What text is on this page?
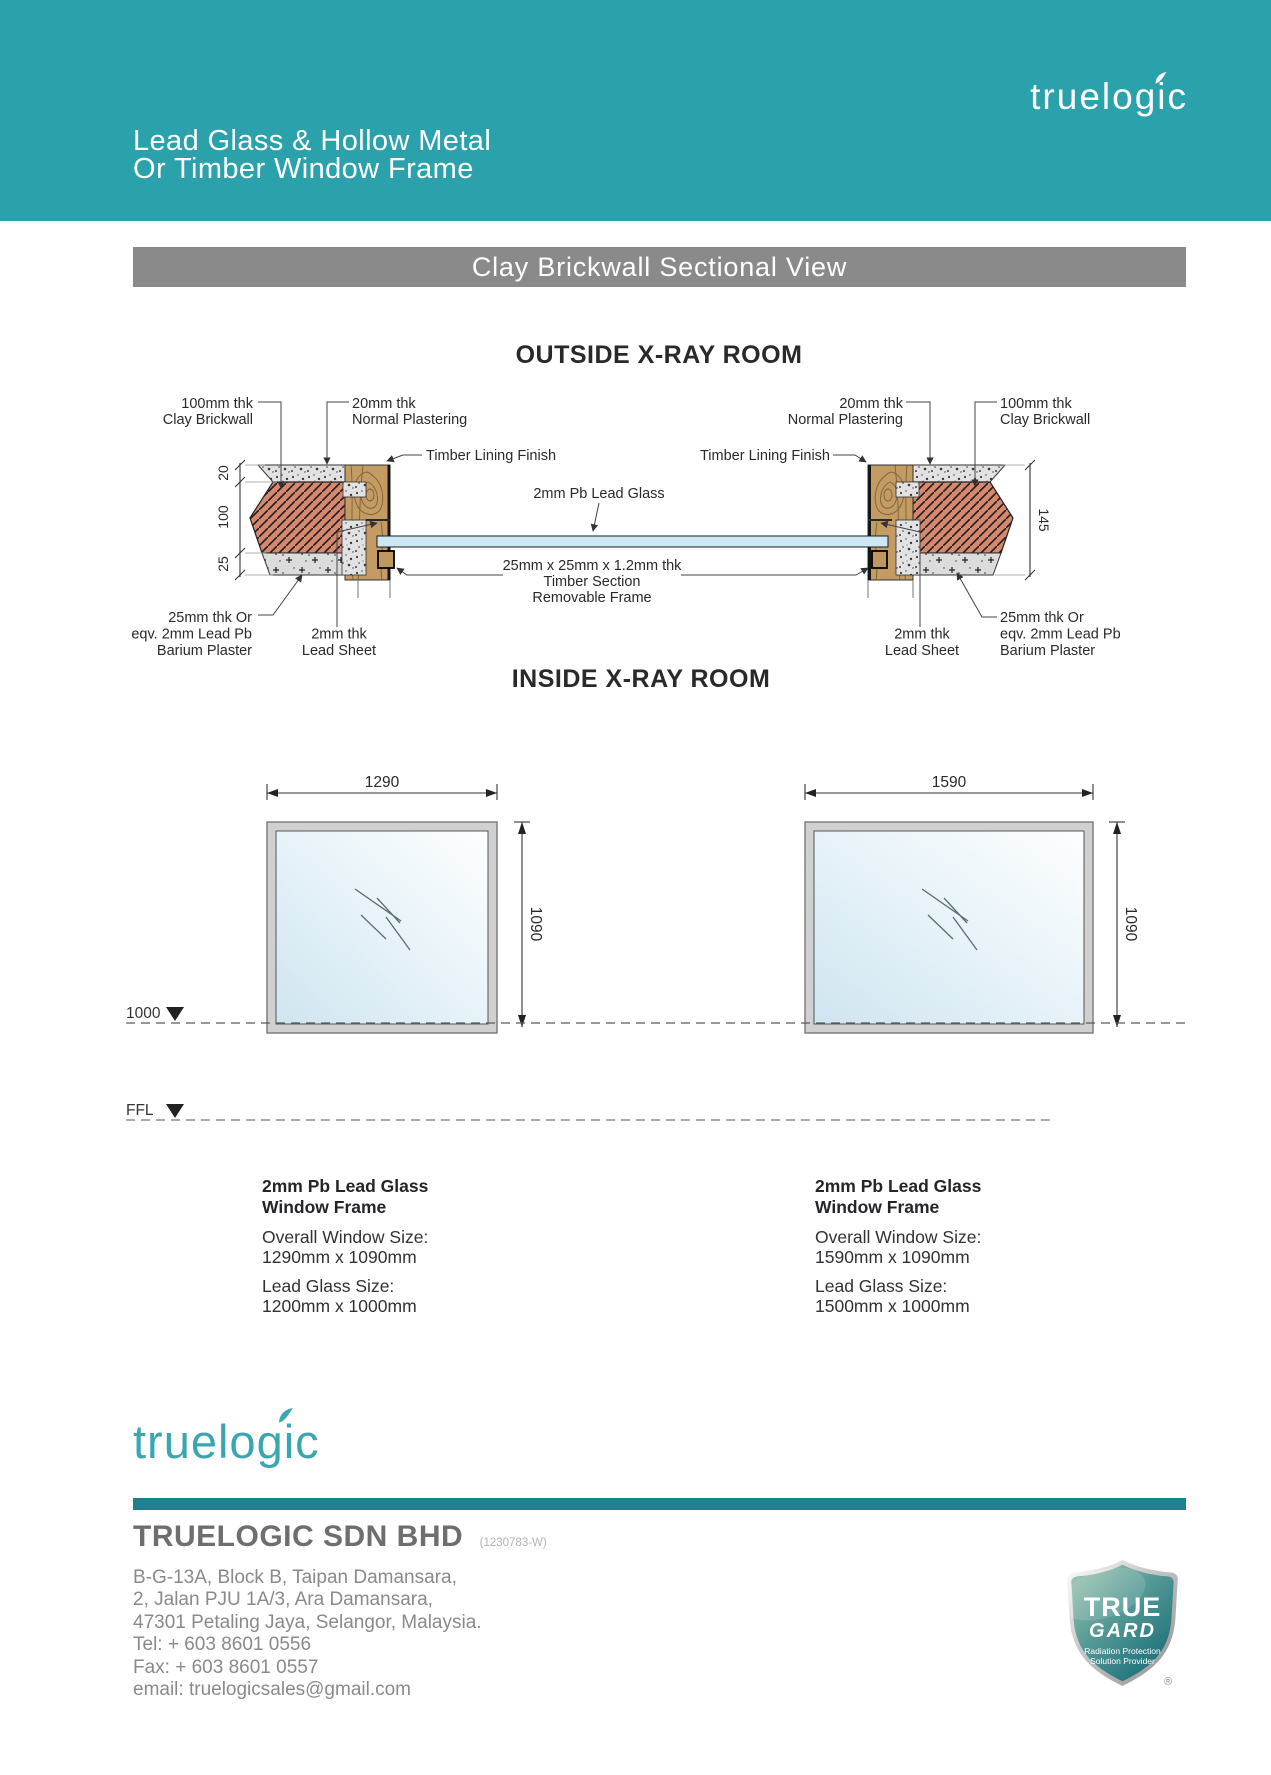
Lead Glass & Hollow Metal
Or Timber Window Frame
truelogic
Clay Brickwall Sectional View
OUTSIDE X-RAY ROOM
INSIDE X-RAY ROOM
20
100
25
145
100mm thk
Clay Brickwall
20mm thk
Normal Plastering
Timber Lining Finish	Timber Lining Finish
20mm thk
Normal Plastering
100mm thk
Clay Brickwall
2mm Pb Lead Glass
25mm x 25mm x 1.2mm thk
Timber Section
Removable Frame
25mm thk Or
eqv. 2mm Lead Pb
Barium Plaster
2mm thk
Lead Sheet
2mm thk
Lead Sheet
25mm thk Or
eqv. 2mm Lead Pb
Barium Plaster
1290	1590
1090	1090
1000
FFL
2mm Pb Lead Glass
Window Frame
Overall Window Size:
1290mm x 1090mm
Lead Glass Size:
1200mm x 1000mm
2mm Pb Lead Glass
Window Frame
Overall Window Size:
1590mm x 1090mm
Lead Glass Size:
1500mm x 1000mm
truelogic
TRUELOGIC SDN BHD (1230783-W)
B-G-13A, Block B, Taipan Damansara,
2, Jalan PJU 1A/3, Ara Damansara,
47301 Petaling Jaya, Selangor, Malaysia.
Tel: + 603 8601 0556
Fax: + 603 8601 0557
email: truelogicsales@gmail.com
TRUE
GARD
Radiation Protection
Solution Provider
®
